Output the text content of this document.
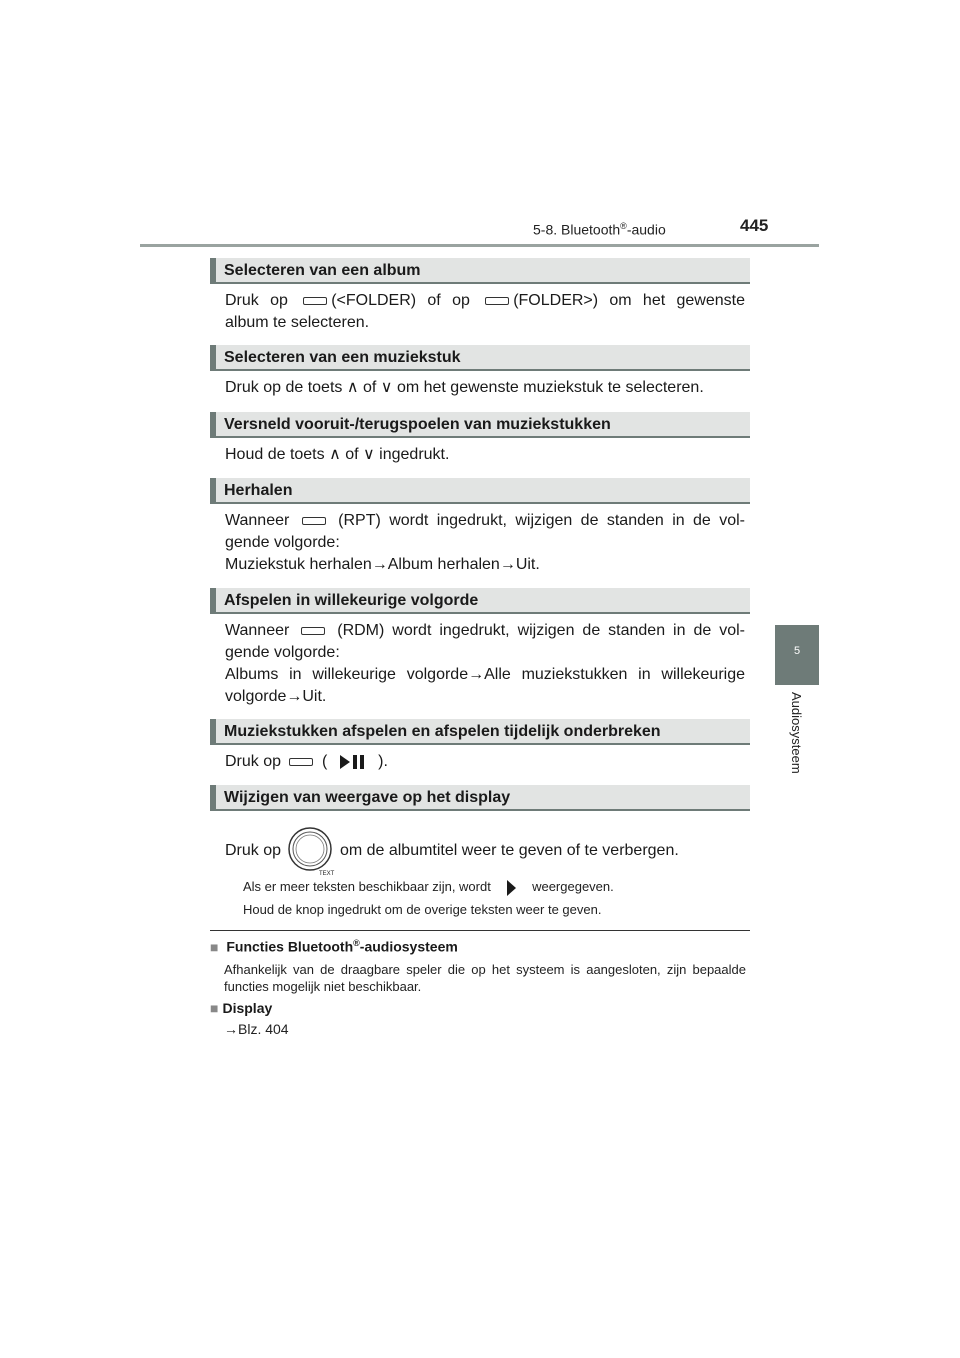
5-8. Bluetooth®-audio	445
5
Audiosysteem
Selecteren van een album
Druk op	(<FOLDER) of op	(FOLDER>) om het gewenste
album te selecteren.
Selecteren van een muziekstuk
Druk op de toets ∧ of ∨ om het gewenste muziekstuk te selecteren.
Versneld vooruit-/terugspoelen van muziekstukken
Houd de toets ∧ of ∨ ingedrukt.
Herhalen
Wanneer	(RPT) wordt ingedrukt, wijzigen de standen in de vol-
gende volgorde:
Muziekstuk herhalen→Album herhalen→Uit.
Afspelen in willekeurige volgorde
Wanneer	(RDM) wordt ingedrukt, wijzigen de standen in de vol-
gende volgorde:
Albums in willekeurige volgorde→Alle muziekstukken in willekeurige
volgorde→Uit.
Muziekstukken afspelen en afspelen tijdelijk onderbreken
Druk op	(	).
Wijzigen van weergave op het display
Druk op
TEXT
om de albumtitel weer te geven of te verbergen.
Als er meer teksten beschikbaar zijn, wordt	weergegeven.
Houd de knop ingedrukt om de overige teksten weer te geven.
■ Functies Bluetooth®-audiosysteem
Afhankelijk van de draagbare speler die op het systeem is aangesloten, zijn bepaalde functies mogelijk niet beschikbaar.
■ Display
→Blz. 404
